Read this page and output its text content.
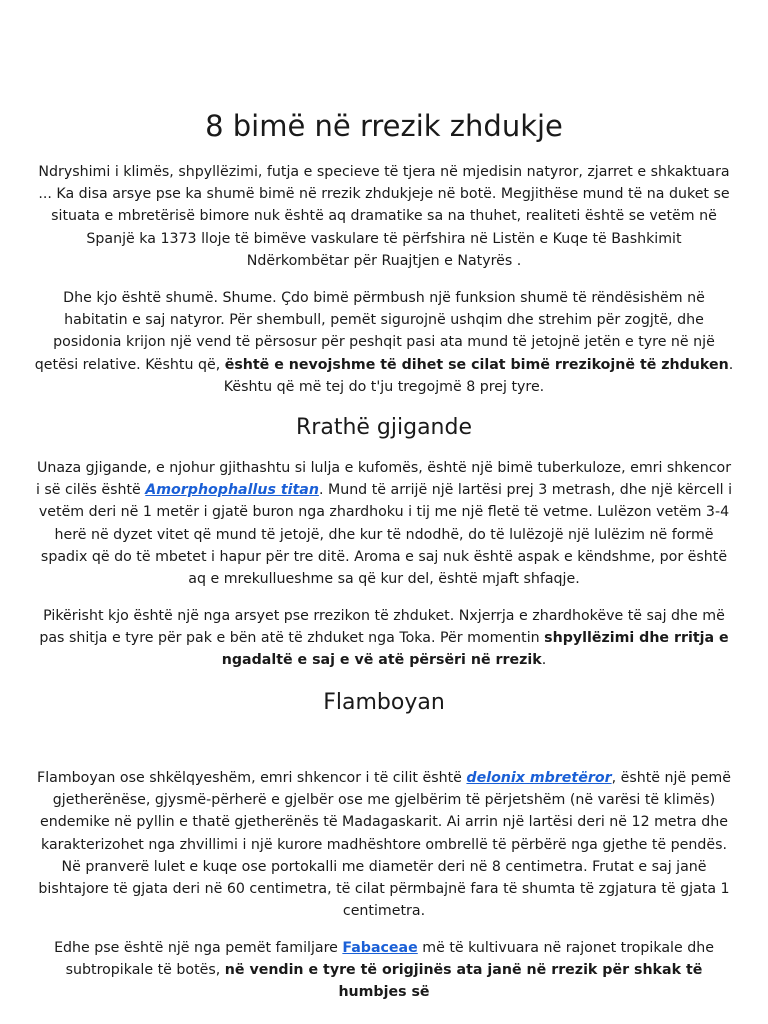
8 bimë në rrezik zhdukje

Ndryshimi i klimës, shpyllëzimi, futja e specieve të tjera në mjedisin natyror, zjarret e shkaktuara ... Ka disa arsye pse ka shumë bimë në rrezik zhdukjeje në botë. Megjithëse mund të na duket se situata e mbretërisë bimore nuk është aq dramatike sa na thuhet, realiteti është se vetëm në Spanjë ka 1373 lloje të bimëve vaskulare të përfshira në Listën e Kuqe të Bashkimit Ndërkombëtar për Ruajtjen e Natyrës .

Dhe kjo është shumë. Shume. Çdo bimë përmbush një funksion shumë të rëndësishëm në habitatin e saj natyror. Për shembull, pemët sigurojnë ushqim dhe strehim për zogjtë, dhe posidonia krijon një vend të përsosur për peshqit pasi ata mund të jetojnë jetën e tyre në një qetësi relative. Kështu që, është e nevojshme të dihet se cilat bimë rrezikojnë të zhduken. Kështu që më tej do t'ju tregojmë 8 prej tyre.

Rrathë gjigande

Unaza gjigande, e njohur gjithashtu si lulja e kufomës, është një bimë tuberkuloze, emri shkencor i së cilës është Amorphophallus titan. Mund të arrijë një lartësi prej 3 metrash, dhe një kërcell i vetëm deri në 1 metër i gjatë buron nga zhardhoku i tij me një fletë të vetme. Lulëzon vetëm 3-4 herë në dyzet vitet që mund të jetojë, dhe kur të ndodhë, do të lulëzojë një lulëzim në formë spadix që do të mbetet i hapur për tre ditë. Aroma e saj nuk është aspak e këndshme, por është aq e mrekullueshme sa që kur del, është mjaft shfaqje.

Pikërisht kjo është një nga arsyet pse rrezikon të zhduket. Nxjerrja e zhardhokëve të saj dhe më pas shitja e tyre për pak e bën atë të zhduket nga Toka. Për momentin shpyllëzimi dhe rritja e ngadaltë e saj e vë atë përsëri në rrezik.

Flamboyan

Flamboyan ose shkëlqyeshëm, emri shkencor i të cilit është delonix mbretëror, është një pemë gjetherënëse, gjysmë-përherë e gjelbër ose me gjelbërim të përjetshëm (në varësi të klimës) endemike në pyllin e thatë gjetherënës të Madagaskarit. Ai arrin një lartësi deri në 12 metra dhe karakterizohet nga zhvillimi i një kurore madhështore ombrellë të përbërë nga gjethe të pendës. Në pranverë lulet e kuqe ose portokalli me diametër deri në 8 centimetra. Frutat e saj janë bishtajore të gjata deri në 60 centimetra, të cilat përmbajnë fara të shumta të zgjatura të gjata 1 centimetra.

Edhe pse është një nga pemët familjare Fabaceae më të kultivuara në rajonet tropikale dhe subtropikale të botës, në vendin e tyre të origjinës ata janë në rrezik për shkak të humbjes së
